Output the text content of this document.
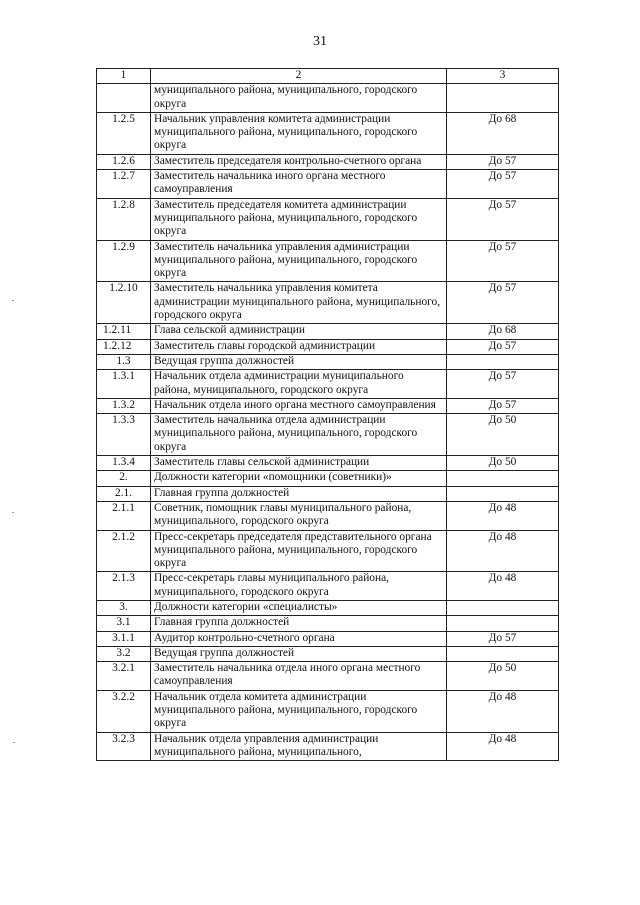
31
1	2	3
	муниципального района, муниципального, городского округа	
1.2.5	Начальник управления комитета администрации муниципального района, муниципального, городского округа	До 68
1.2.6	Заместитель председателя контрольно-счетного органа	До 57
1.2.7	Заместитель начальника иного органа местного самоуправления	До 57
1.2.8	Заместитель председателя комитета администрации муниципального района, муниципального, городского округа	До 57
1.2.9	Заместитель начальника управления администрации муниципального района, муниципального, городского округа	До 57
1.2.10	Заместитель начальника управления комитета администрации муниципального района, муниципального, городского округа	До 57
1.2.11	Глава сельской администрации	До 68
1.2.12	Заместитель главы городской администрации	До 57
1.3	Ведущая группа должностей	
1.3.1	Начальник отдела администрации муниципального района, муниципального, городского округа	До 57
1.3.2	Начальник отдела иного органа местного самоуправления	До 57
1.3.3	Заместитель начальника отдела администрации муниципального района, муниципального, городского округа	До 50
1.3.4	Заместитель главы сельской администрации	До 50
2.	Должности категории «помощники (советники)»	
2.1.	Главная группа должностей	
2.1.1	Советник, помощник главы муниципального района, муниципального, городского округа	До 48
2.1.2	Пресс-секретарь председателя представительного органа муниципального района, муниципального, городского округа	До 48
2.1.3	Пресс-секретарь главы муниципального района, муниципального, городского округа	До 48
3.	Должности категории «специалисты»	
3.1	Главная группа должностей	
3.1.1	Аудитор контрольно-счетного органа	До 57
3.2	Ведущая группа должностей	
3.2.1	Заместитель начальника отдела иного органа местного самоуправления	До 50
3.2.2	Начальник отдела комитета администрации муниципального района, муниципального, городского округа	До 48
3.2.3	Начальник отдела управления администрации муниципального района, муниципального,	До 48
